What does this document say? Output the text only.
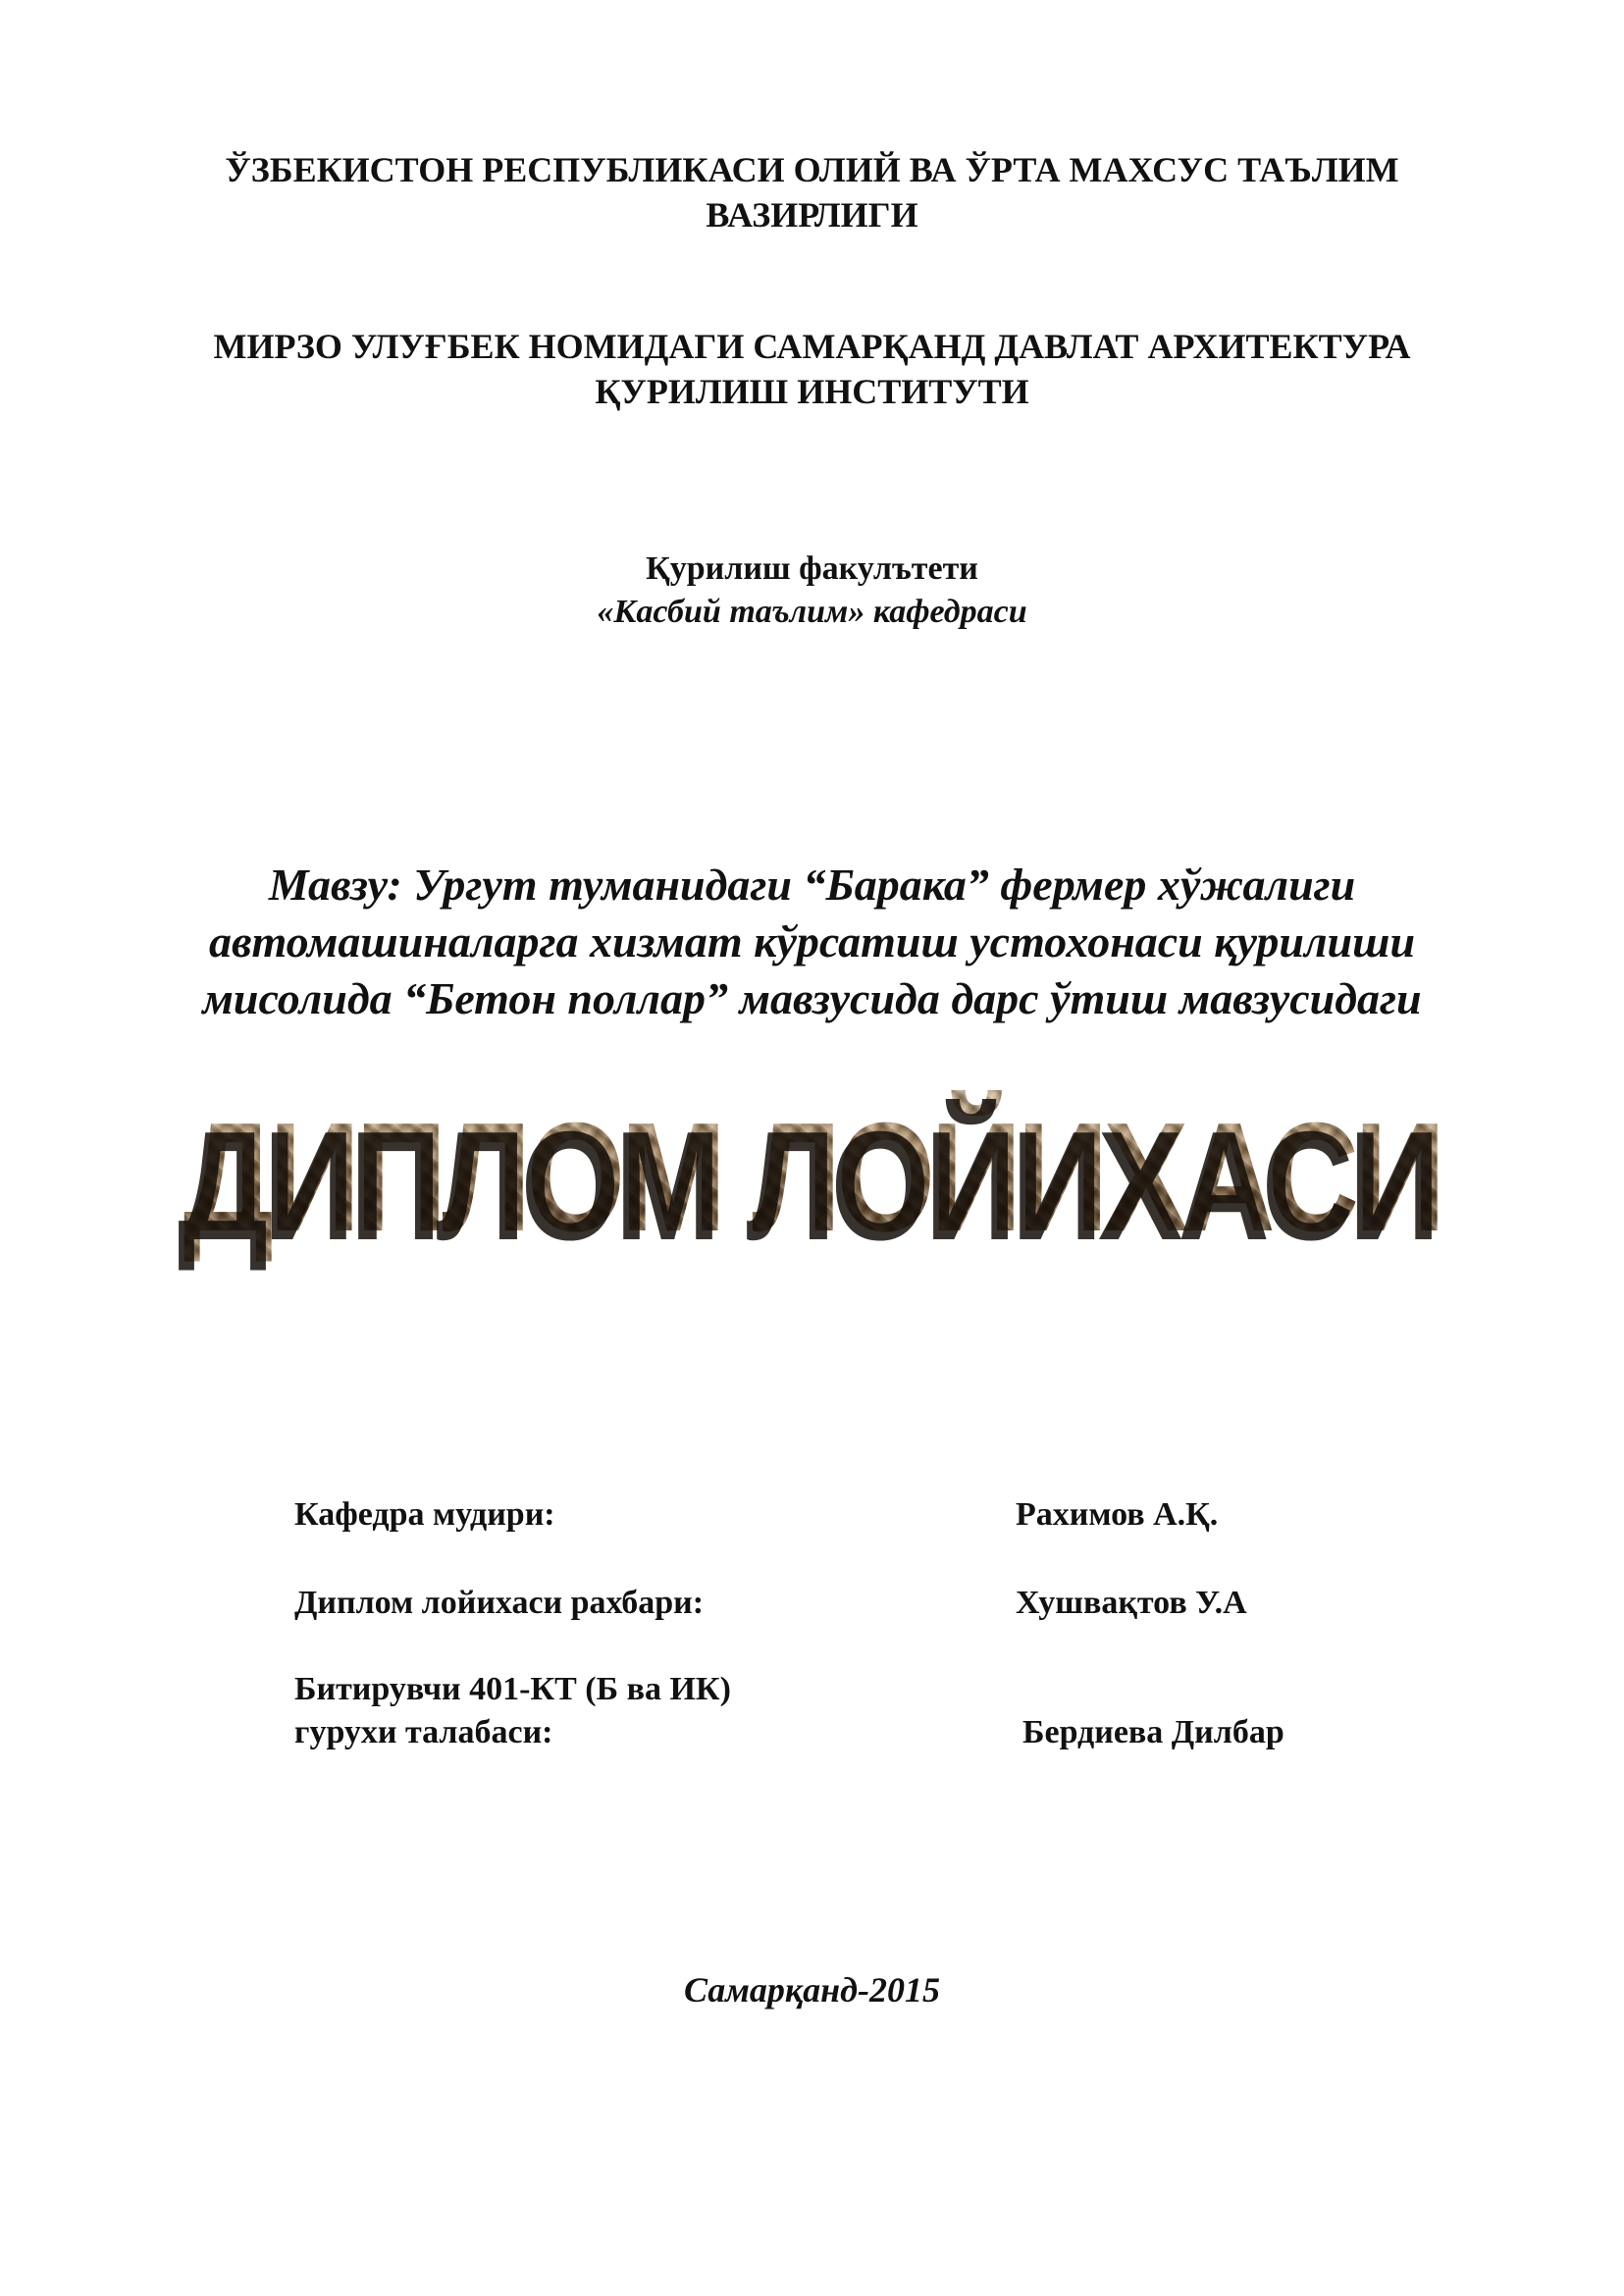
ЎЗБЕКИСТОН РЕСПУБЛИКАСИ ОЛИЙ ВА ЎРТА МАХСУС ТАЪЛИМ
ВАЗИРЛИГИ
МИРЗО УЛУҒБЕК НОМИДАГИ САМАРҚАНД ДАВЛАТ АРХИТЕКТУРА
ҚУРИЛИШ ИНСТИТУТИ
Қурилиш факулътети
«Касбий таълим» кафедраси
Мавзу: Ургут туманидаги “Барака” фермер хўжалиги
автомашиналарга хизмат кўрсатиш устохонаси қурилиши
мисолида “Бетон поллар” мавзусида дарс ўтиш мавзусидаги
ДИПЛОМ ЛОЙИХАСИ
Кафедра мудири:	Рахимов А.Қ.
Диплом лойихаси рахбари:	Хушвақтов У.А
Битирувчи 401-КТ (Б ва ИК)
гурухи талабаси:	Бердиева Дилбар
Самарқанд-2015
